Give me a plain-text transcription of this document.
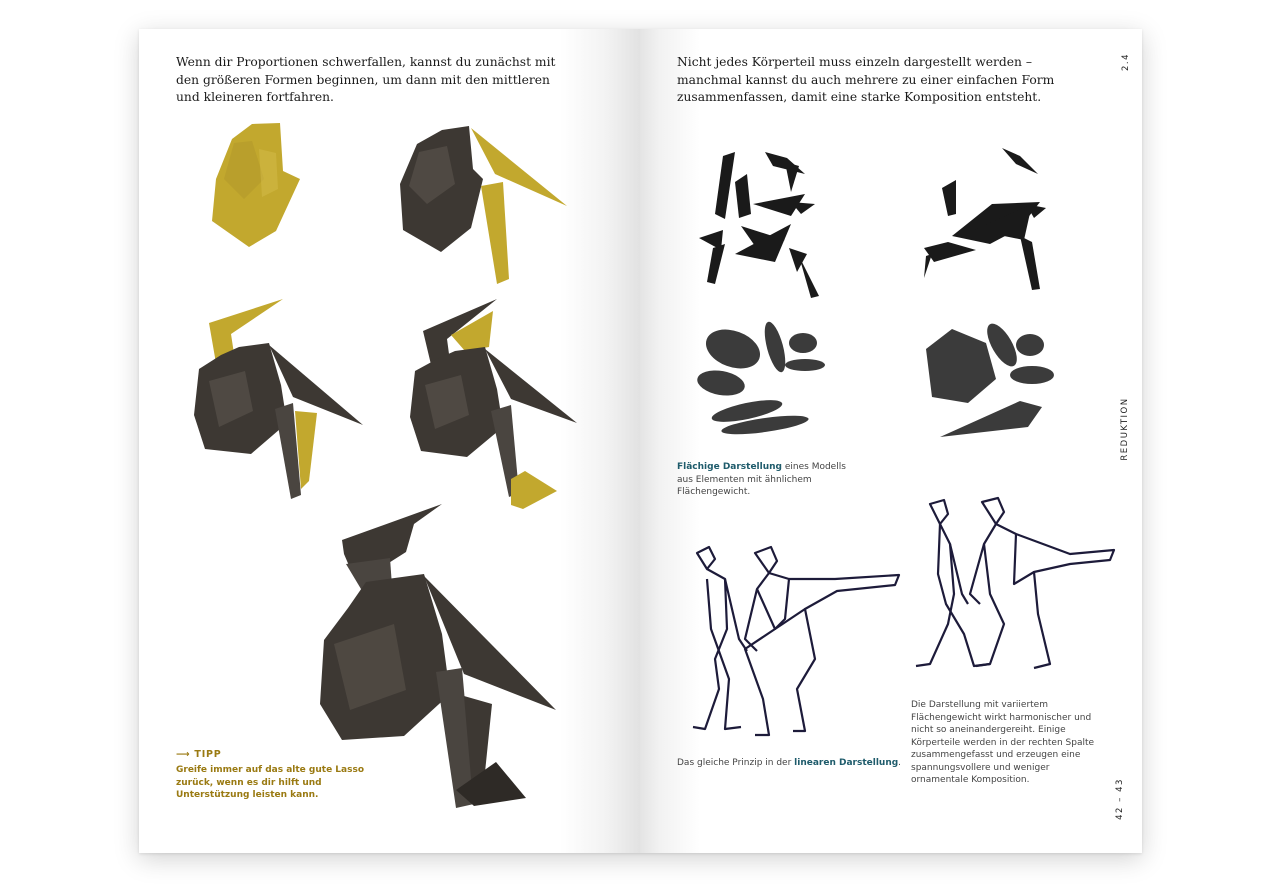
Wenn dir Proportionen schwerfallen, kannst du zunächst mit den größeren Formen beginnen, um dann mit den mittleren und kleineren fortfahren.

⟶ TIPP
Greife immer auf das alte gute Lasso zurück, wenn es dir hilft und Unterstützung leisten kann.

Nicht jedes Körperteil muss einzeln dargestellt werden – manchmal kannst du auch mehrere zu einer einfachen Form zusammenfassen, damit eine starke Komposition entsteht.

2.4
REDUKTION
42 – 43

Flächige Darstellung eines Modells aus Elementen mit ähnlichem Flächengewicht.

Das gleiche Prinzip in der linearen Darstellung.

Die Darstellung mit variiertem Flächengewicht wirkt harmonischer und nicht so aneinandergereiht. Einige Körperteile werden in der rechten Spalte zusammengefasst und erzeugen eine spannungsvollere und weniger ornamentale Komposition.
